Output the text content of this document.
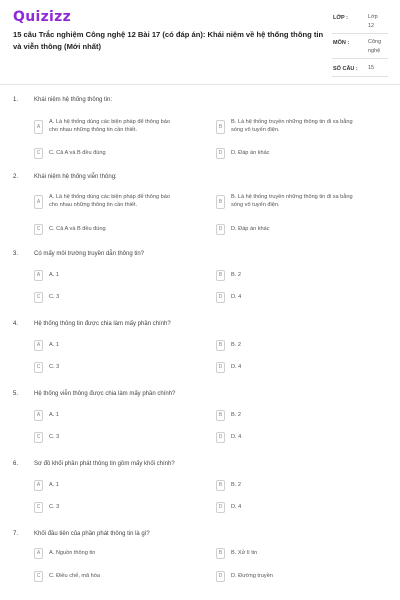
Quizizz
15 câu Trắc nghiệm Công nghệ 12 Bài 17 (có đáp án): Khái niệm về hệ thống thông tin và viễn thông (Mới nhất)
LỚP :	Lớp
12
MÔN :	Công
nghệ
SỐ CÂU : 15
1.	Khái niệm hệ thống thông tin:
A
A. Là hệ thống dùng các biện pháp để thông báo
cho nhau những thông tin cần thiết.	B
B. Là hệ thống truyền những thông tin đi xa bằng
sóng vô tuyến điện.
C	C. Cả A và B đều đúng	D	D. Đáp án khác
2.	Khái niệm hệ thống viễn thông:
A
A. Là hệ thống dùng các biện pháp để thông báo
cho nhau những thông tin cần thiết.	B
B. Là hệ thống truyền những thông tin đi xa bằng
sóng vô tuyến điện.
C	C. Cả A và B đều đúng	D	D. Đáp án khác
3.	Có mấy môi trường truyền dẫn thông tin?
A	A. 1	B	B. 2
C	C. 3	D	D. 4
4.	Hệ thống thông tin được chia làm mấy phần chính?
A	A. 1	B	B. 2
C	C. 3	D	D. 4
5.	Hệ thống viễn thông được chia làm mấy phần chính?
A	A. 1	B	B. 2
C	C. 3	D	D. 4
6.	Sơ đồ khối phần phát thông tin gồm mấy khối chính?
A	A. 1	B	B. 2
C	C. 3	D	D. 4
7.	Khối đầu tiên của phần phát thông tin là gì?
A	A. Nguồn thông tin	B	B. Xử lí tin
C	C. Điều chế, mã hóa	D	D. Đường truyền
